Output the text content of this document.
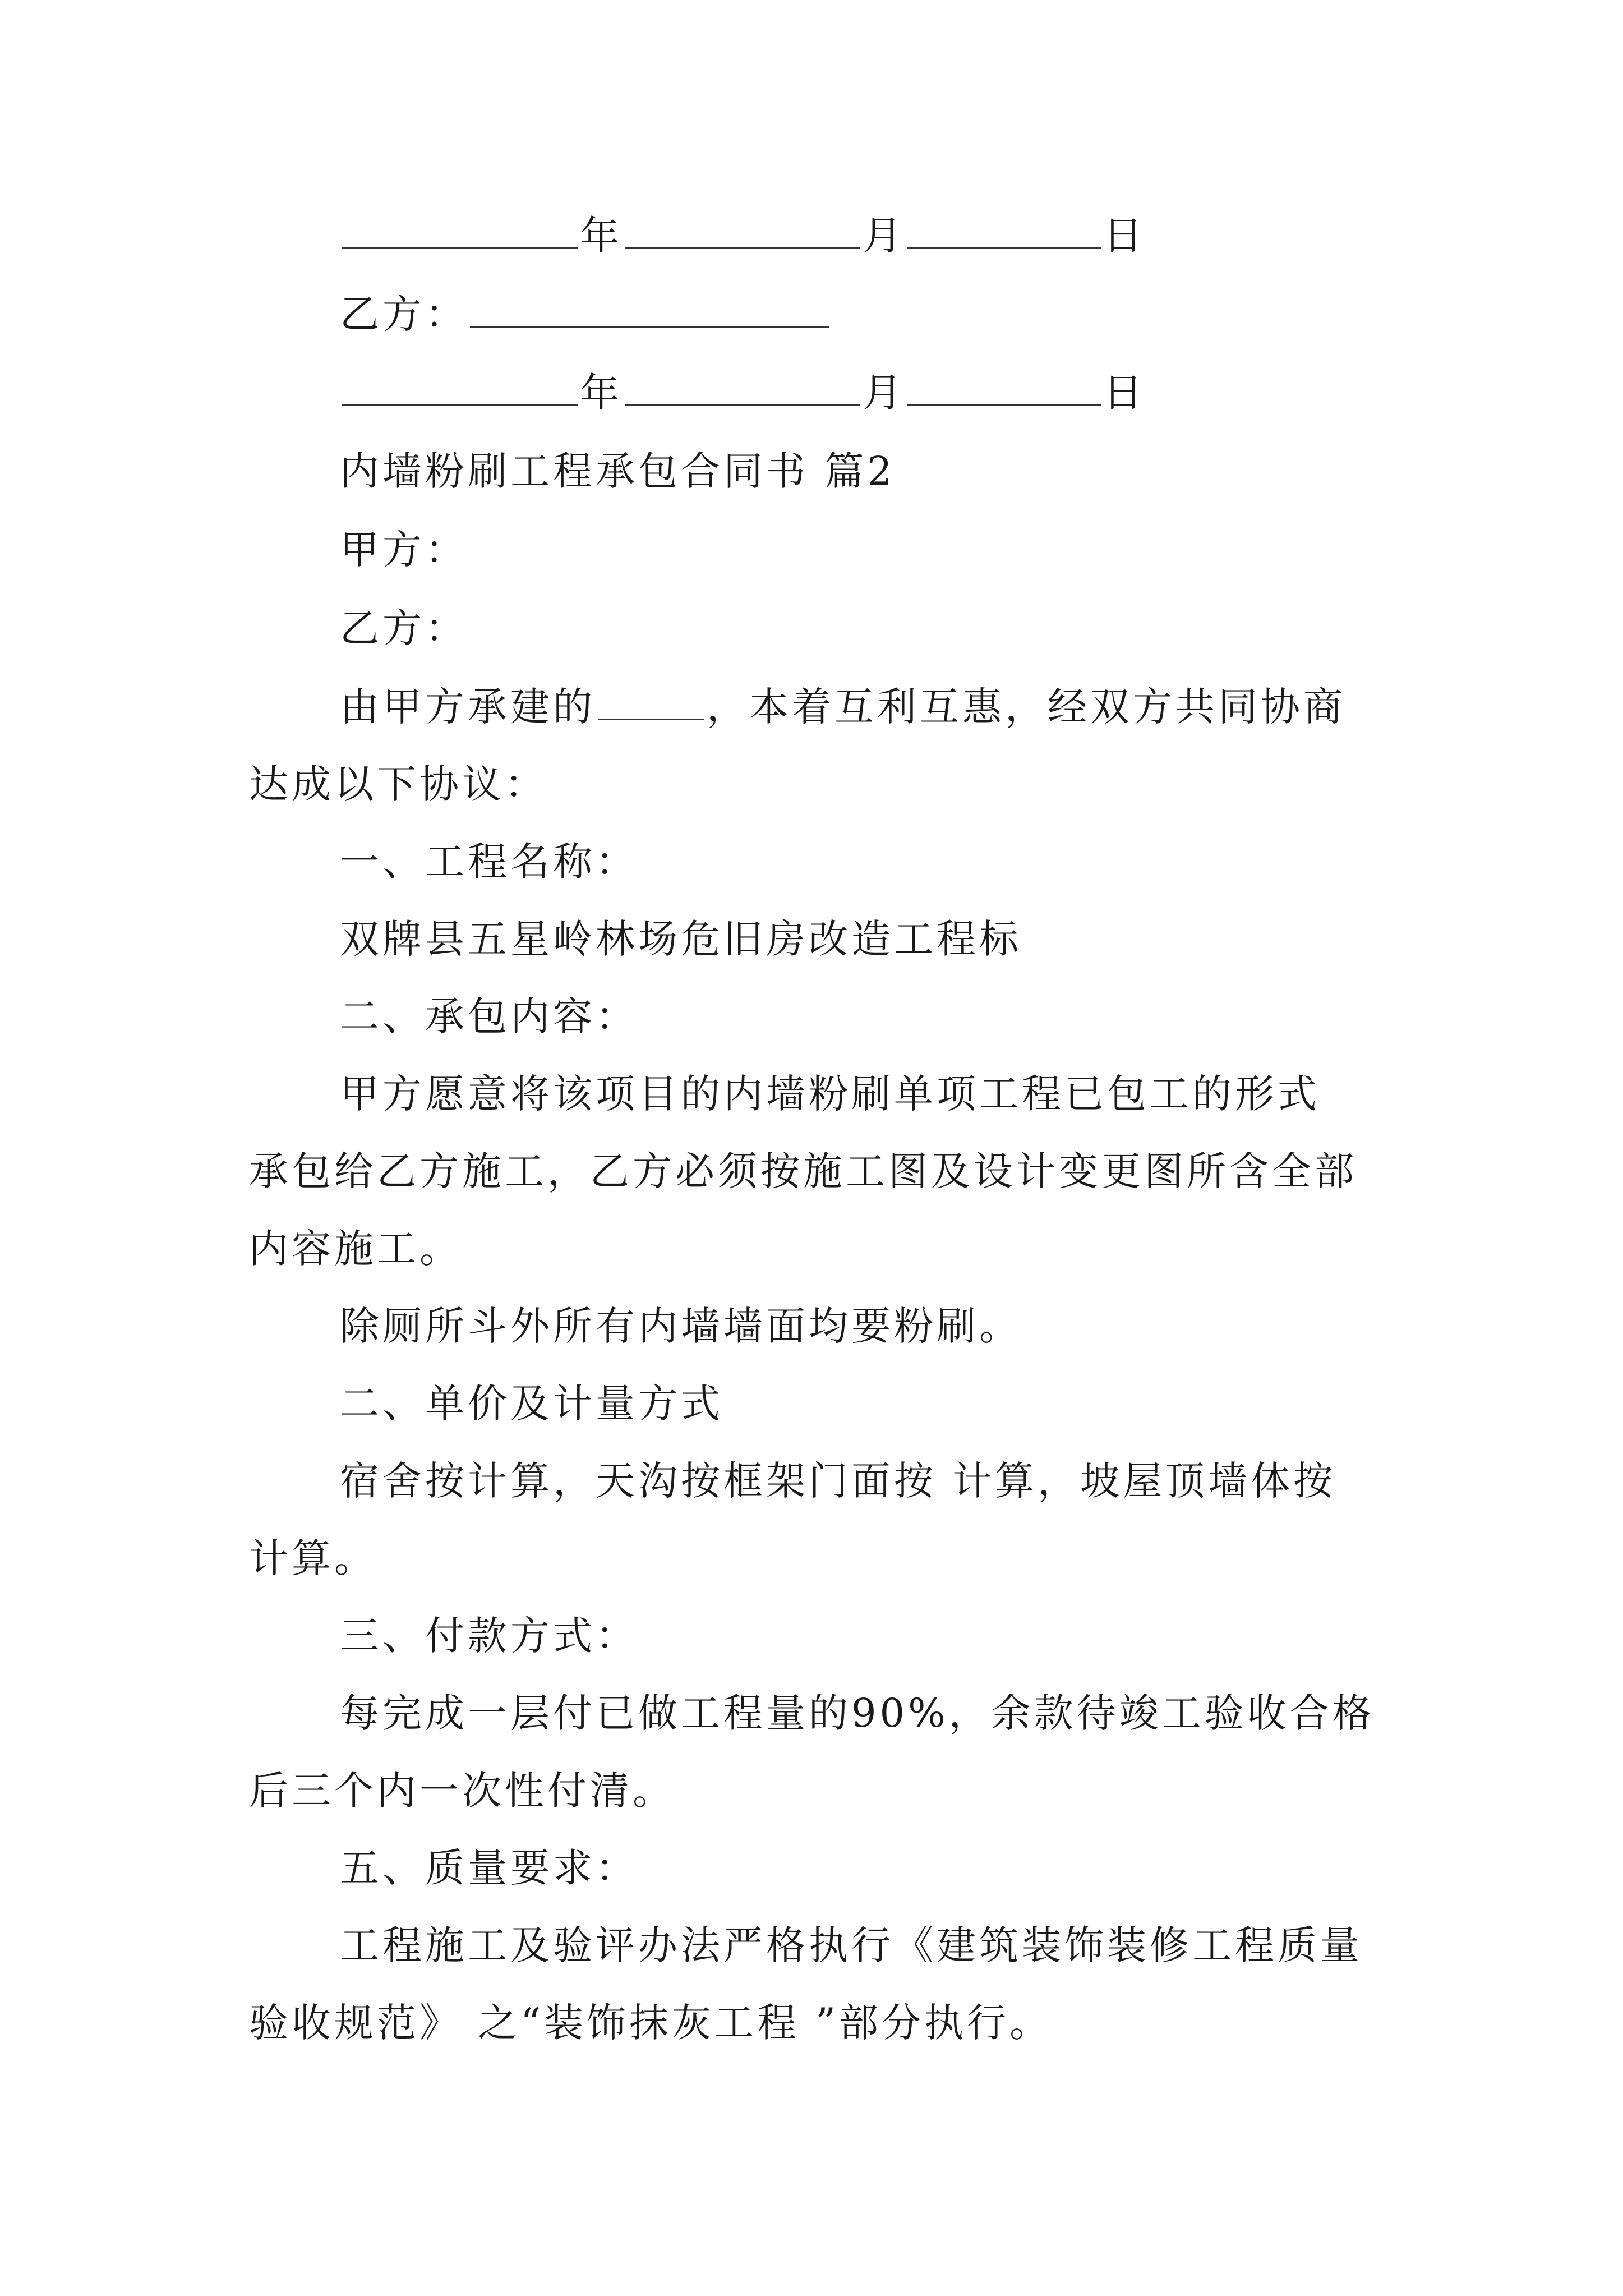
年	月	日
乙方：
年	月	日
内墙粉刷工程承包合同书 篇2
甲方：
乙方：
由甲方承建的	，本着互利互惠，经双方共同协商
达成以下协议：
一、工程名称：
双牌县五星岭林场危旧房改造工程标
二、承包内容：
甲方愿意将该项目的内墙粉刷单项工程已包工的形式
承包给乙方施工，乙方必须按施工图及设计变更图所含全部
内容施工。
除厕所斗外所有内墙墙面均要粉刷。
二、单价及计量方式
宿舍按计算，天沟按框架门面按 计算，坡屋顶墙体按
计算。
三、付款方式：
每完成一层付已做工程量的90%，余款待竣工验收合格
后三个内一次性付清。
五、质量要求：
工程施工及验评办法严格执行《建筑装饰装修工程质量
验收规范》 之“装饰抹灰工程 ”部分执行。
